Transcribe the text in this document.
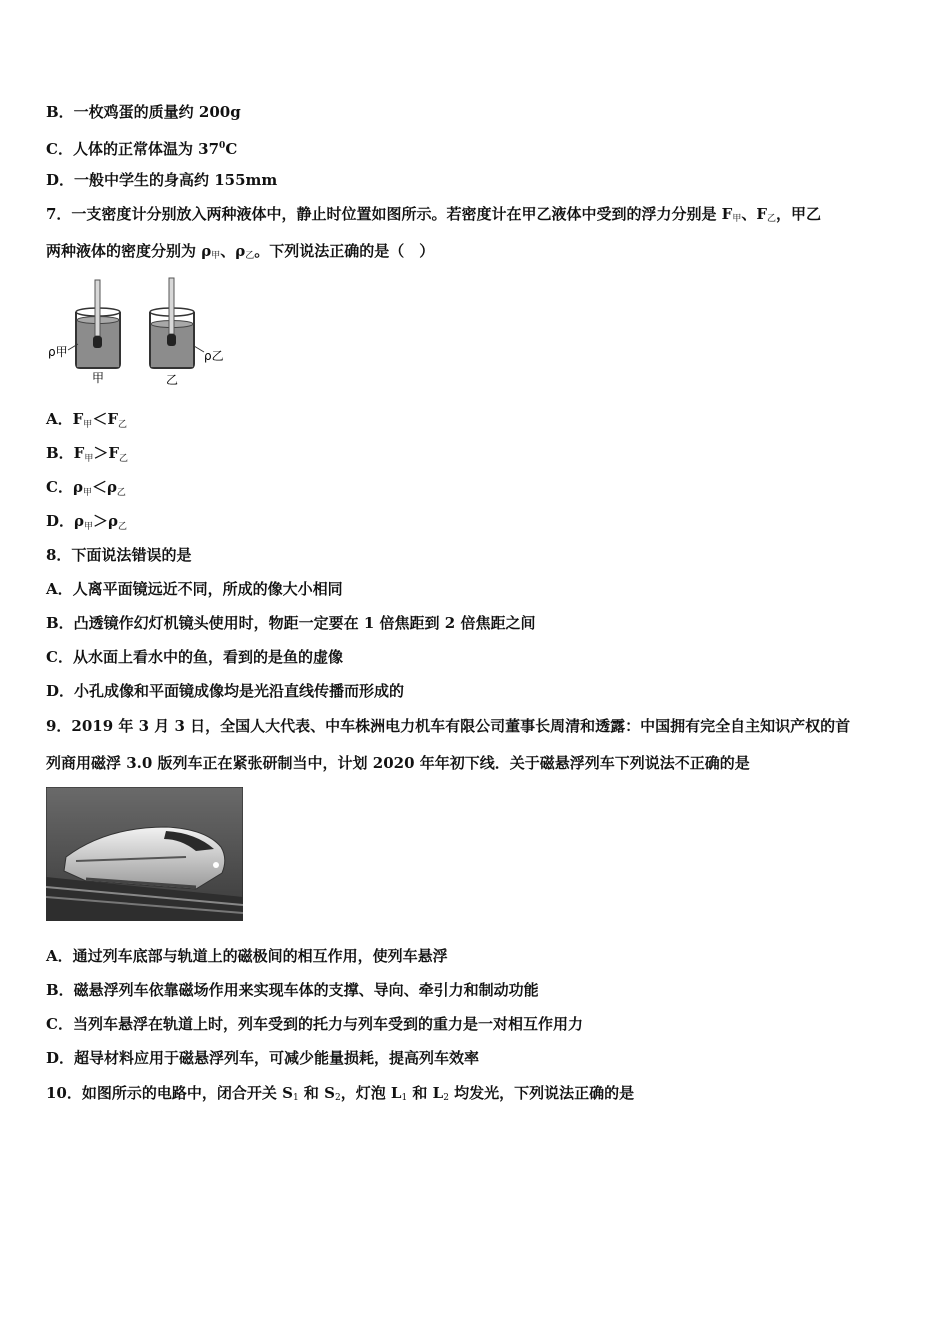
B．一枚鸡蛋的质量约 200g
C．人体的正常体温为 $37^0C$
D．一般中学生的身高约 155mm
7．一支密度计分别放入两种液体中，静止时位置如图所示。若密度计在甲乙液体中受到的浮力分别是 $F_甲$、$F_乙$，甲乙
两种液体的密度分别为 $\rho_甲$、$\rho_乙$。下列说法正确的是（　）
ρ甲	ρ乙
甲	乙
A．$F_甲<F_乙$
B．$F_甲>F_乙$
C．$\rho_甲<\rho_乙$
D．$\rho_甲>\rho_乙$
8．下面说法错误的是
A．人离平面镜远近不同，所成的像大小相同
B．凸透镜作幻灯机镜头使用时，物距一定要在 1 倍焦距到 2 倍焦距之间
C．从水面上看水中的鱼，看到的是鱼的虚像
D．小孔成像和平面镜成像均是光沿直线传播而形成的
9．2019 年 3 月 3 日，全国人大代表、中车株洲电力机车有限公司董事长周清和透露：中国拥有完全自主知识产权的首
列商用磁浮 3.0 版列车正在紧张研制当中，计划 2020 年年初下线．关于磁悬浮列车下列说法不正确的是
A．通过列车底部与轨道上的磁极间的相互作用，使列车悬浮
B．磁悬浮列车依靠磁场作用来实现车体的支撑、导向、牵引力和制动功能
C．当列车悬浮在轨道上时，列车受到的托力与列车受到的重力是一对相互作用力
D．超导材料应用于磁悬浮列车，可减少能量损耗，提高列车效率
10．如图所示的电路中，闭合开关 $S_1$ 和 $S_2$，灯泡 $L_1$ 和 $L_2$ 均发光，下列说法正确的是
